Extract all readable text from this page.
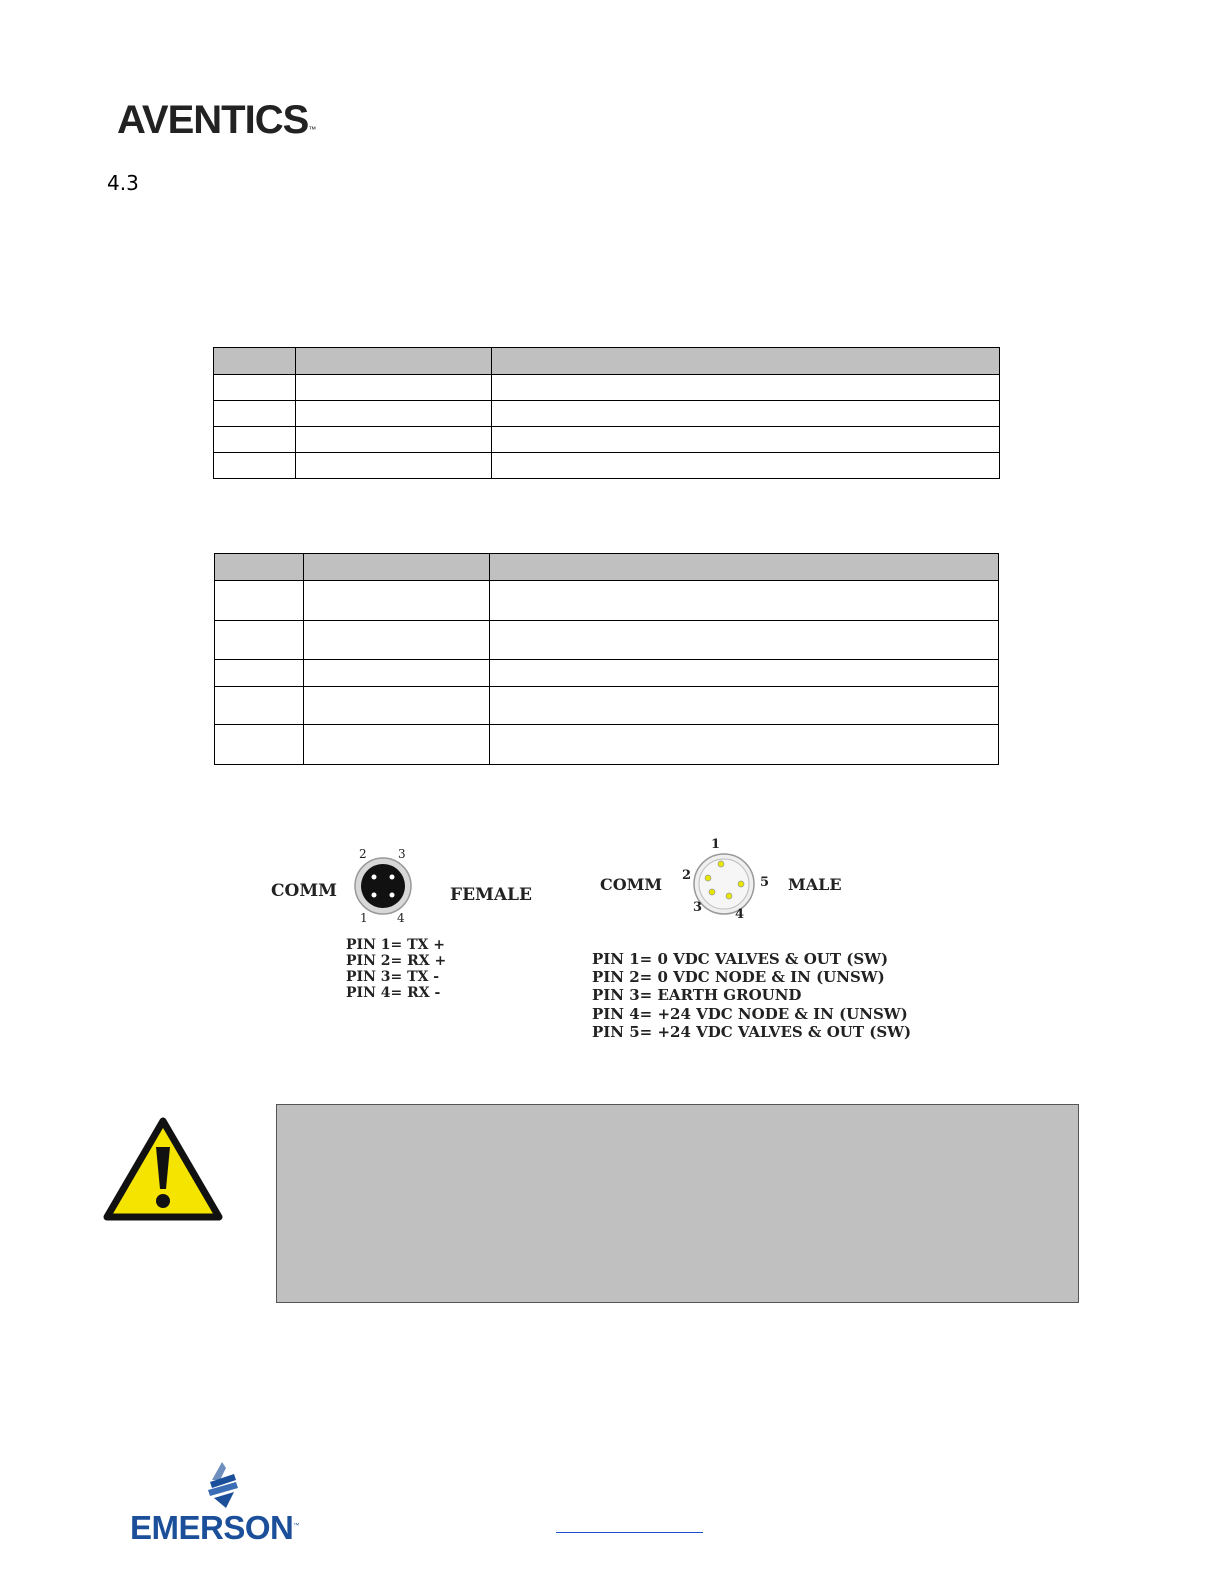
AVENTICS™
4.3

COMM	FEMALE
2	3
1 4
PIN 1= TX +
PIN 2= RX +
PIN 3= TX -
PIN 4= RX -
COMM	MALE
1
2
3	4
5
PIN 1= 0 VDC VALVES & OUT (SW)
PIN 2= 0 VDC NODE & IN (UNSW)
PIN 3= EARTH GROUND
PIN 4= +24 VDC NODE & IN (UNSW)
PIN 5= +24 VDC VALVES & OUT (SW)
EMERSON™
